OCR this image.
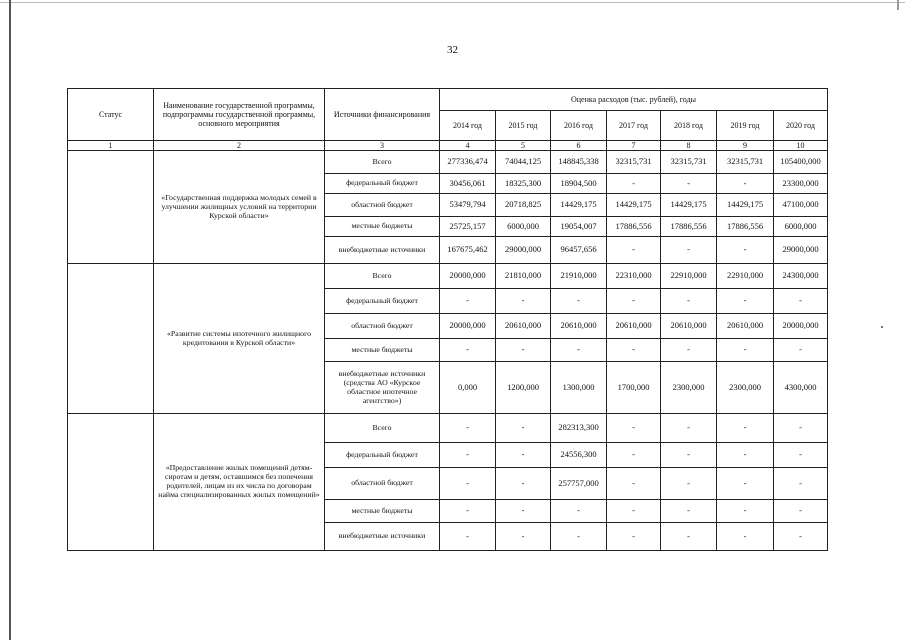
32
Статус	Наименование государственной программы, подпрограммы государственной программы, основного мероприятия	Источники финансирования	Оценка расходов (тыс. рублей), годы						
			2014 год	2015 год	2016 год	2017 год	2018 год	2019 год	2020 год
1	2	3	4	5	6	7	8	9	10
	«Государственная поддержка молодых семей в улучшении жилищных условий на территории Курской области»	Всего	277336,474	74044,125	148845,338	32315,731	32315,731	32315,731	105400,000
		федеральный бюджет	30456,061	18325,300	18904,500	-	-	-	23300,000
		областной бюджет	53479,794	20718,825	14429,175	14429,175	14429,175	14429,175	47100,000
		местные бюджеты	25725,157	6000,000	19054,007	17886,556	17886,556	17886,556	6000,000
		внебюджетные источники	167675,462	29000,000	96457,656	-	-	-	29000,000
	«Развитие системы ипотечного жилищного кредитования в Курской области»	Всего	20000,000	21810,000	21910,000	22310,000	22910,000	22910,000	24300,000
		федеральный бюджет	-	-	-	-	-	-	-
		областной бюджет	20000,000	20610,000	20610,000	20610,000	20610,000	20610,000	20000,000
		местные бюджеты	-	-	-	-	-	-	-
		внебюджетные источники (средства АО «Курское областное ипотечное агентство»)	0,000	1200,000	1300,000	1700,000	2300,000	2300,000	4300,000
	«Предоставление жилых помещений детям-сиротам и детям, оставшимся без попечения родителей, лицам из их числа по договорам найма специализированных жилых помещений»	Всего	-	-	282313,300	-	-	-	-
		федеральный бюджет	-	-	24556,300	-	-	-	-
		областной бюджет	-	-	257757,000	-	-	-	-
		местные бюджеты	-	-	-	-	-	-	-
		внебюджетные источники	-	-	-	-	-	-	-
